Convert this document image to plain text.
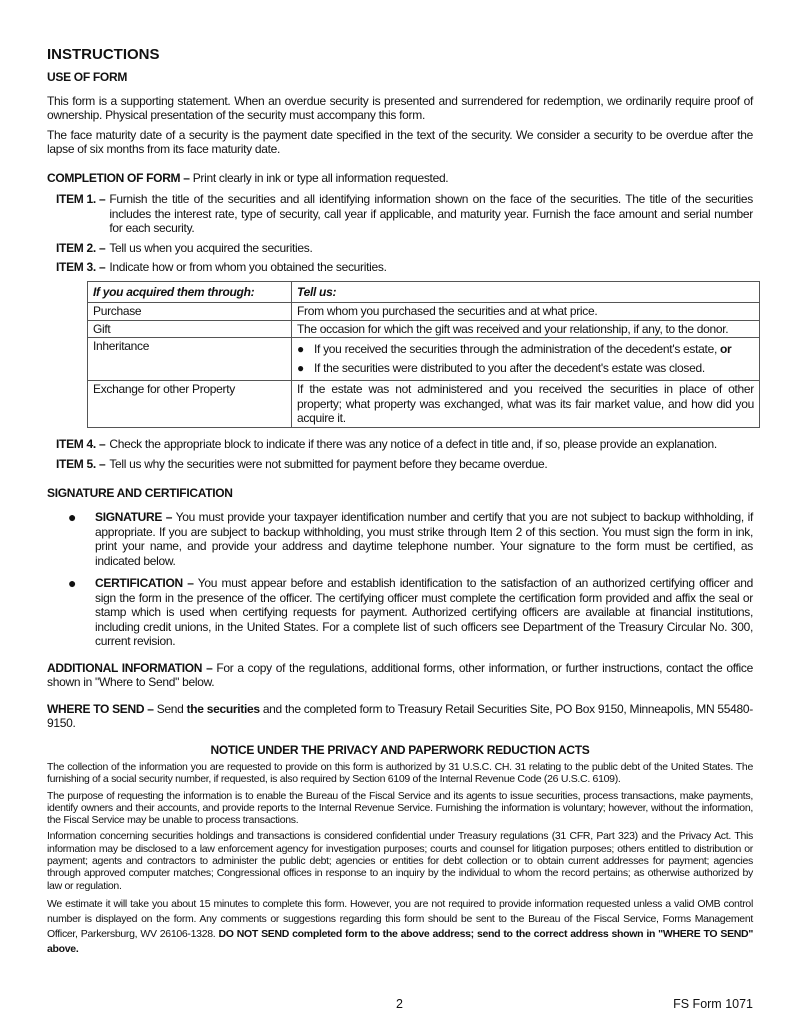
INSTRUCTIONS
USE OF FORM
This form is a supporting statement. When an overdue security is presented and surrendered for redemption, we ordinarily require proof of ownership. Physical presentation of the security must accompany this form.
The face maturity date of a security is the payment date specified in the text of the security. We consider a security to be overdue after the lapse of six months from its face maturity date.
COMPLETION OF FORM – Print clearly in ink or type all information requested.
ITEM 1. – Furnish the title of the securities and all identifying information shown on the face of the securities. The title of the securities includes the interest rate, type of security, call year if applicable, and maturity year. Furnish the face amount and serial number for each security.
ITEM 2. – Tell us when you acquired the securities.
ITEM 3. – Indicate how or from whom you obtained the securities.
If you acquired them through:	Tell us:
Purchase	From whom you purchased the securities and at what price.
Gift	The occasion for which the gift was received and your relationship, if any, to the donor.
Inheritance	● If you received the securities through the administration of the decedent's estate, or
● If the securities were distributed to you after the decedent's estate was closed.

Exchange for other Property	If the estate was not administered and you received the securities in place of other property; what property was exchanged, what was its fair market value, and how did you acquire it.
ITEM 4. – Check the appropriate block to indicate if there was any notice of a defect in title and, if so, please provide an explanation.
ITEM 5. – Tell us why the securities were not submitted for payment before they became overdue.
SIGNATURE AND CERTIFICATION
●	SIGNATURE – You must provide your taxpayer identification number and certify that you are not subject to backup withholding, if appropriate. If you are subject to backup withholding, you must strike through Item 2 of this section. You must sign the form in ink, print your name, and provide your address and daytime telephone number. Your signature to the form must be certified, as indicated below.
●	CERTIFICATION – You must appear before and establish identification to the satisfaction of an authorized certifying officer and sign the form in the presence of the officer. The certifying officer must complete the certification form provided and affix the seal or stamp which is used when certifying requests for payment. Authorized certifying officers are available at financial institutions, including credit unions, in the United States. For a complete list of such officers see Department of the Treasury Circular No. 300, current revision.
ADDITIONAL INFORMATION – For a copy of the regulations, additional forms, other information, or further instructions, contact the office shown in "Where to Send" below.
WHERE TO SEND – Send the securities and the completed form to Treasury Retail Securities Site, PO Box 9150, Minneapolis, MN 55480-9150.
NOTICE UNDER THE PRIVACY AND PAPERWORK REDUCTION ACTS
The collection of the information you are requested to provide on this form is authorized by 31 U.S.C. CH. 31 relating to the public debt of the United States. The furnishing of a social security number, if requested, is also required by Section 6109 of the Internal Revenue Code (26 U.S.C. 6109).
The purpose of requesting the information is to enable the Bureau of the Fiscal Service and its agents to issue securities, process transactions, make payments, identify owners and their accounts, and provide reports to the Internal Revenue Service. Furnishing the information is voluntary; however, without the information, the Fiscal Service may be unable to process transactions.
Information concerning securities holdings and transactions is considered confidential under Treasury regulations (31 CFR, Part 323) and the Privacy Act. This information may be disclosed to a law enforcement agency for investigation purposes; courts and counsel for litigation purposes; others entitled to distribution or payment; agents and contractors to administer the public debt; agencies or entities for debt collection or to obtain current addresses for payment; agencies through approved computer matches; Congressional offices in response to an inquiry by the individual to whom the record pertains; as otherwise authorized by law or regulation.
We estimate it will take you about 15 minutes to complete this form. However, you are not required to provide information requested unless a valid OMB control number is displayed on the form. Any comments or suggestions regarding this form should be sent to the Bureau of the Fiscal Service, Forms Management Officer, Parkersburg, WV 26106-1328. DO NOT SEND completed form to the above address; send to the correct address shown in "WHERE TO SEND" above.
2	FS Form 1071
